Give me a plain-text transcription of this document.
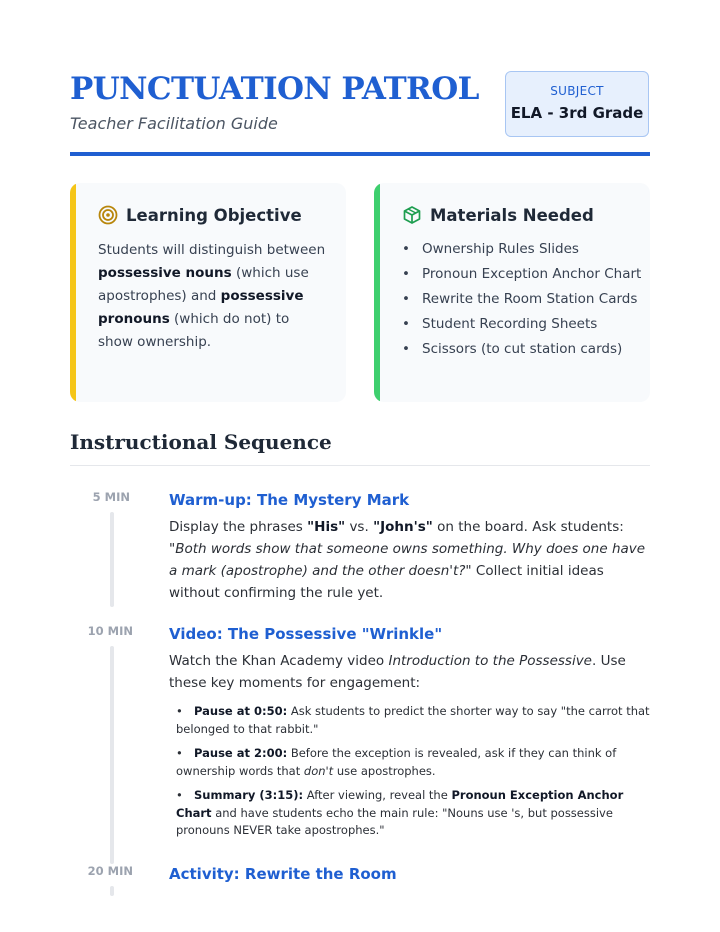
PUNCTUATION PATROL
Teacher Facilitation Guide
SUBJECT
ELA - 3rd Grade
Learning Objective
Students will distinguish between possessive nouns (which use apostrophes) and possessive pronouns (which do not) to show ownership.
Materials Needed
• Ownership Rules Slides
• Pronoun Exception Anchor Chart
• Rewrite the Room Station Cards
• Student Recording Sheets
• Scissors (to cut station cards)
Instructional Sequence
5 MIN	Warm-up: The Mystery Mark
Display the phrases "His" vs. "John's" on the board. Ask students: "Both words show that someone owns something. Why does one have a mark (apostrophe) and the other doesn't?" Collect initial ideas without confirming the rule yet.
10 MIN Video: The Possessive "Wrinkle"
Watch the Khan Academy video Introduction to the Possessive. Use these key moments for engagement:
• Pause at 0:50: Ask students to predict the shorter way to say "the carrot that belonged to that rabbit."
• Pause at 2:00: Before the exception is revealed, ask if they can think of ownership words that don't use apostrophes.
• Summary (3:15): After viewing, reveal the Pronoun Exception Anchor Chart and have students echo the main rule: "Nouns use 's, but possessive pronouns NEVER take apostrophes."
20 MIN Activity: Rewrite the Room
